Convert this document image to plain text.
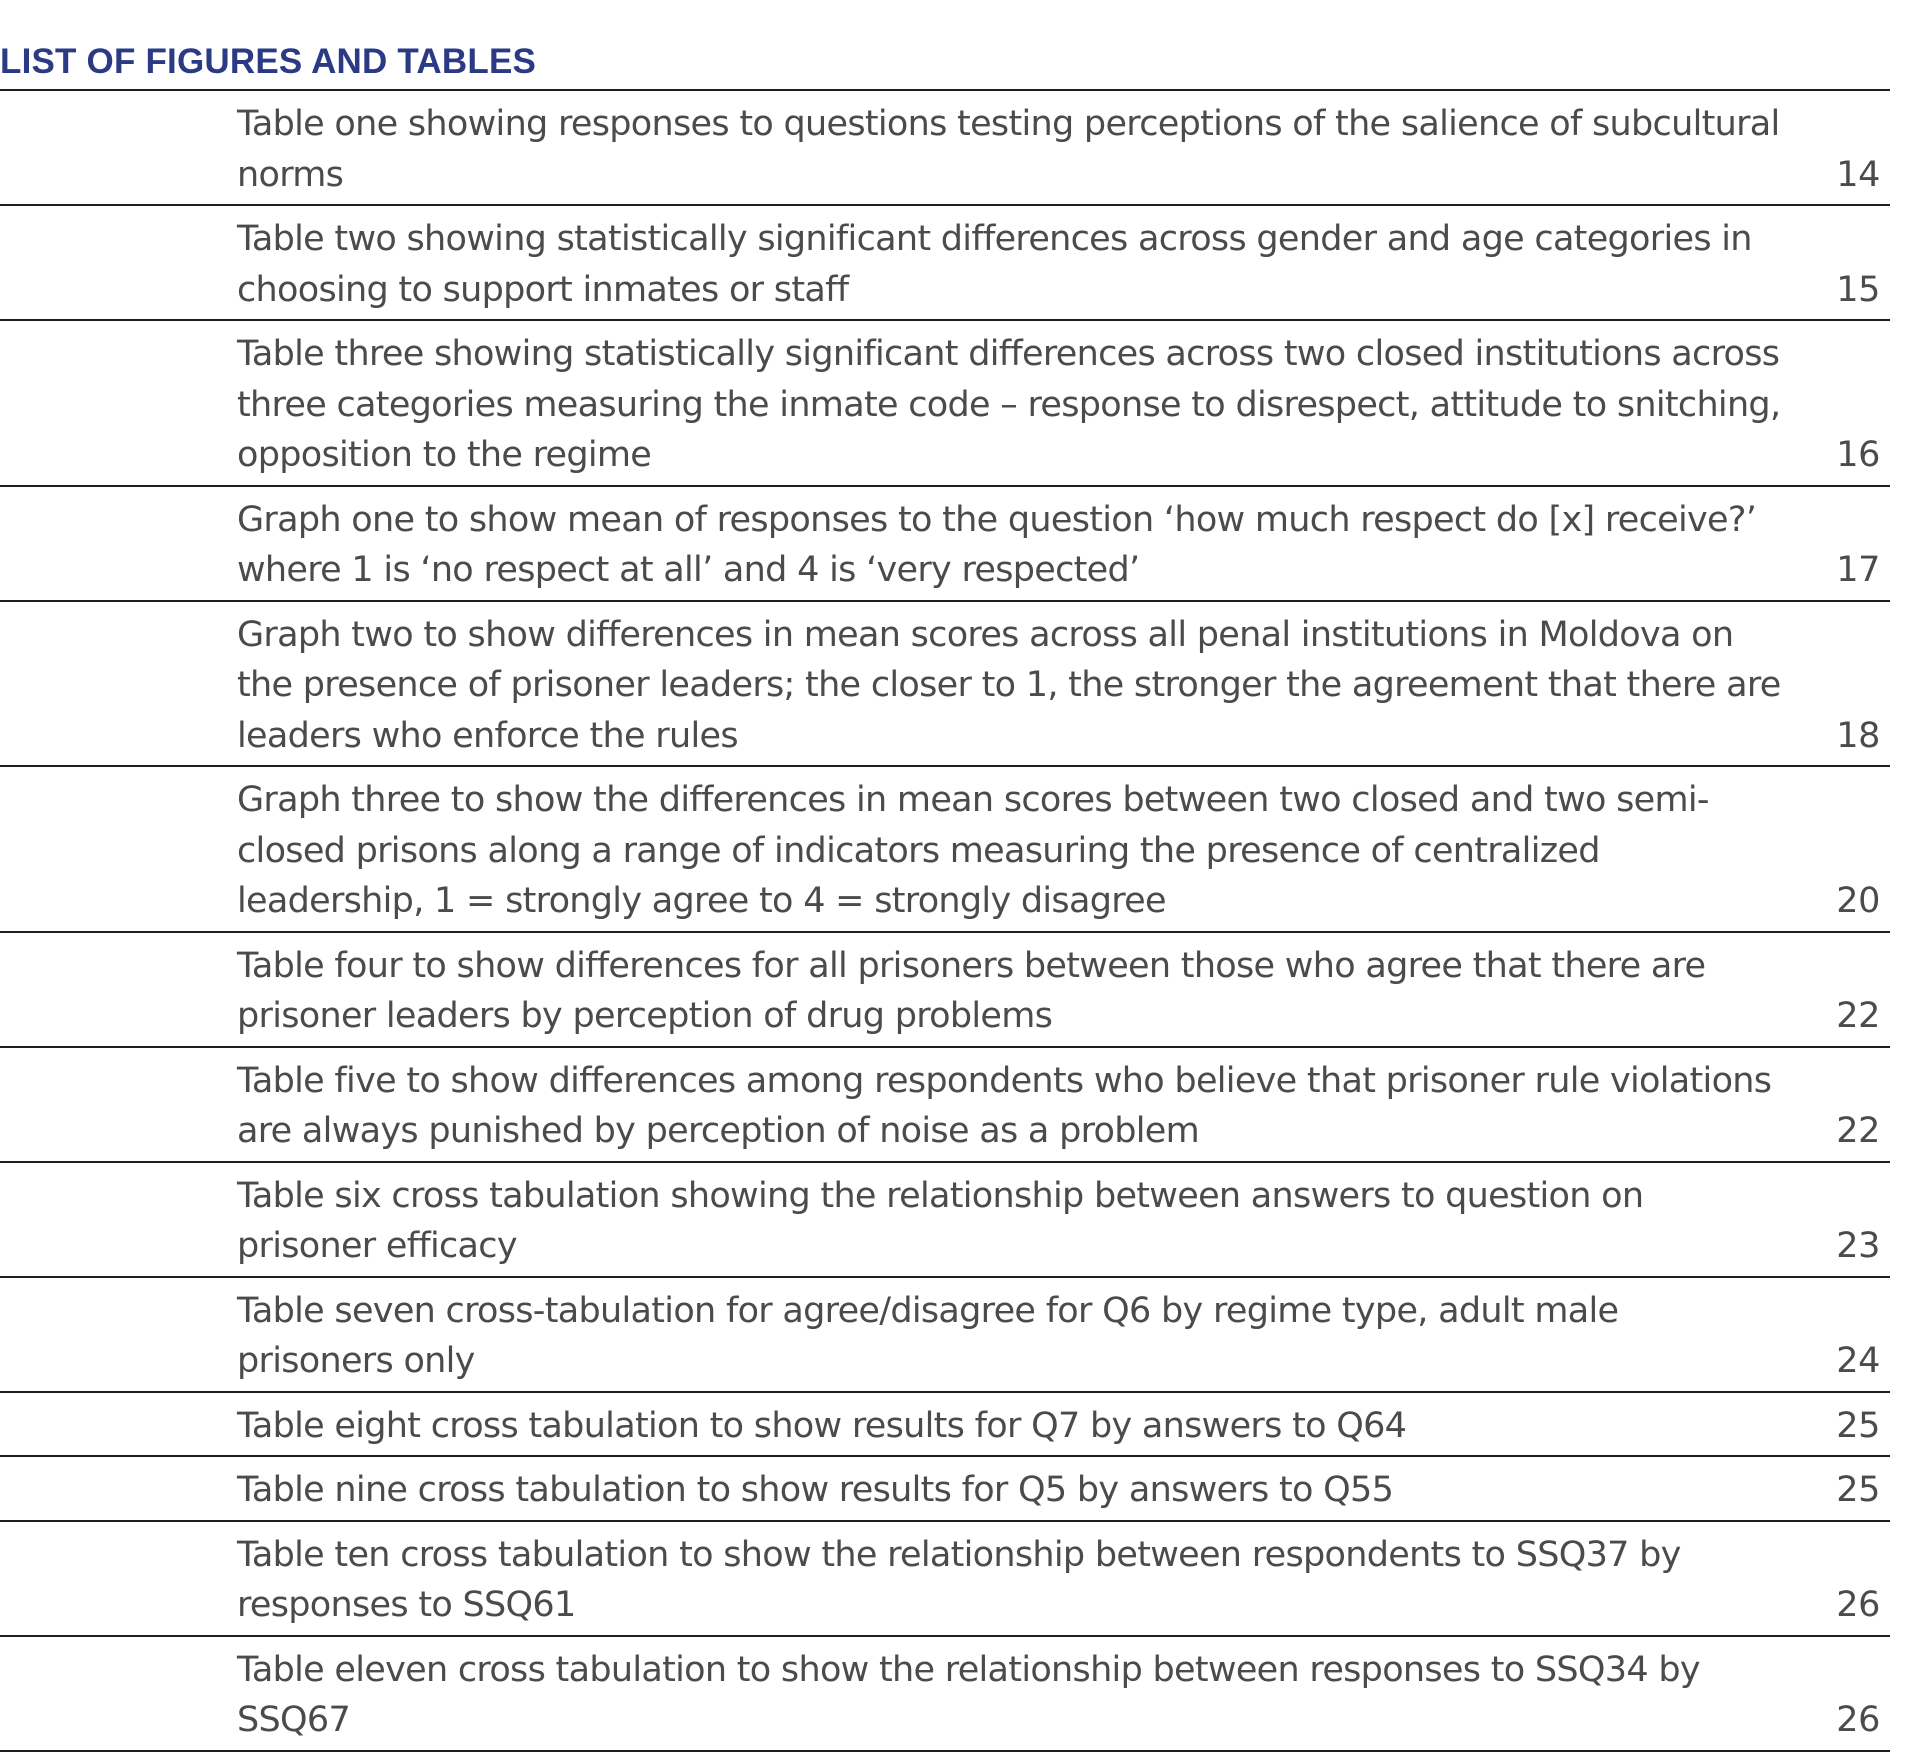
LIST OF FIGURES AND TABLES
Table one showing responses to questions testing perceptions of the salience of subcultural norms	14
Table two showing statistically significant differences across gender and age categories in choosing to support inmates or staff	15
Table three showing statistically significant differences across two closed institutions across three categories measuring the inmate code – response to disrespect, attitude to snitching, opposition to the regime	16
Graph one to show mean of responses to the question ‘how much respect do [x] receive?’ where 1 is ‘no respect at all’ and 4 is ‘very respected’	17
Graph two to show differences in mean scores across all penal institutions in Moldova on the presence of prisoner leaders; the closer to 1, the stronger the agreement that there are leaders who enforce the rules	18
Graph three to show the differences in mean scores between two closed and two semi-closed prisons along a range of indicators measuring the presence of centralized leadership, 1 = strongly agree to 4 = strongly disagree	20
Table four to show differences for all prisoners between those who agree that there are prisoner leaders by perception of drug problems	22
Table five to show differences among respondents who believe that prisoner rule violations are always punished by perception of noise as a problem	22
Table six cross tabulation showing the relationship between answers to question on prisoner efficacy	23
Table seven cross-tabulation for agree/disagree for Q6 by regime type, adult male prisoners only	24
Table eight cross tabulation to show results for Q7 by answers to Q64	25
Table nine cross tabulation to show results for Q5 by answers to Q55	25
Table ten cross tabulation to show the relationship between respondents to SSQ37 by responses to SSQ61	26
Table eleven cross tabulation to show the relationship between responses to SSQ34 by SSQ67	26
